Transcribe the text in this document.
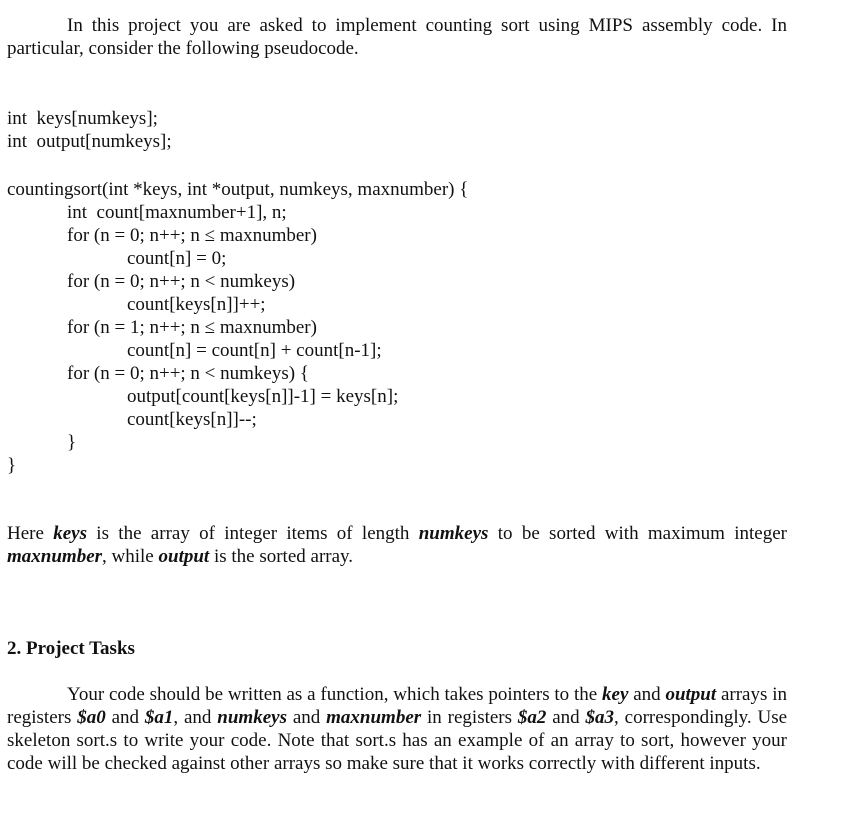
In this project you are asked to implement counting sort using MIPS assembly code. In particular, consider the following pseudocode.
int  keys[numkeys];
int  output[numkeys];
countingsort(int *keys, int *output, numkeys, maxnumber) {
int  count[maxnumber+1], n;
for (n = 0; n++; n ≤ maxnumber)
count[n] = 0;
for (n = 0; n++; n < numkeys)
count[keys[n]]++;
for (n = 1; n++; n ≤ maxnumber)
count[n] = count[n] + count[n-1];
for (n = 0; n++; n < numkeys) {
output[count[keys[n]]-1] = keys[n];
count[keys[n]]--;
}
}
Here keys is the array of integer items of length numkeys to be sorted with maximum integer maxnumber, while output is the sorted array.
2. Project Tasks
Your code should be written as a function, which takes pointers to the key and output arrays in registers $a0 and $a1, and numkeys and maxnumber in registers $a2 and $a3, correspondingly. Use skeleton sort.s to write your code. Note that sort.s has an example of an array to sort, however your code will be checked against other arrays so make sure that it works correctly with different inputs.
